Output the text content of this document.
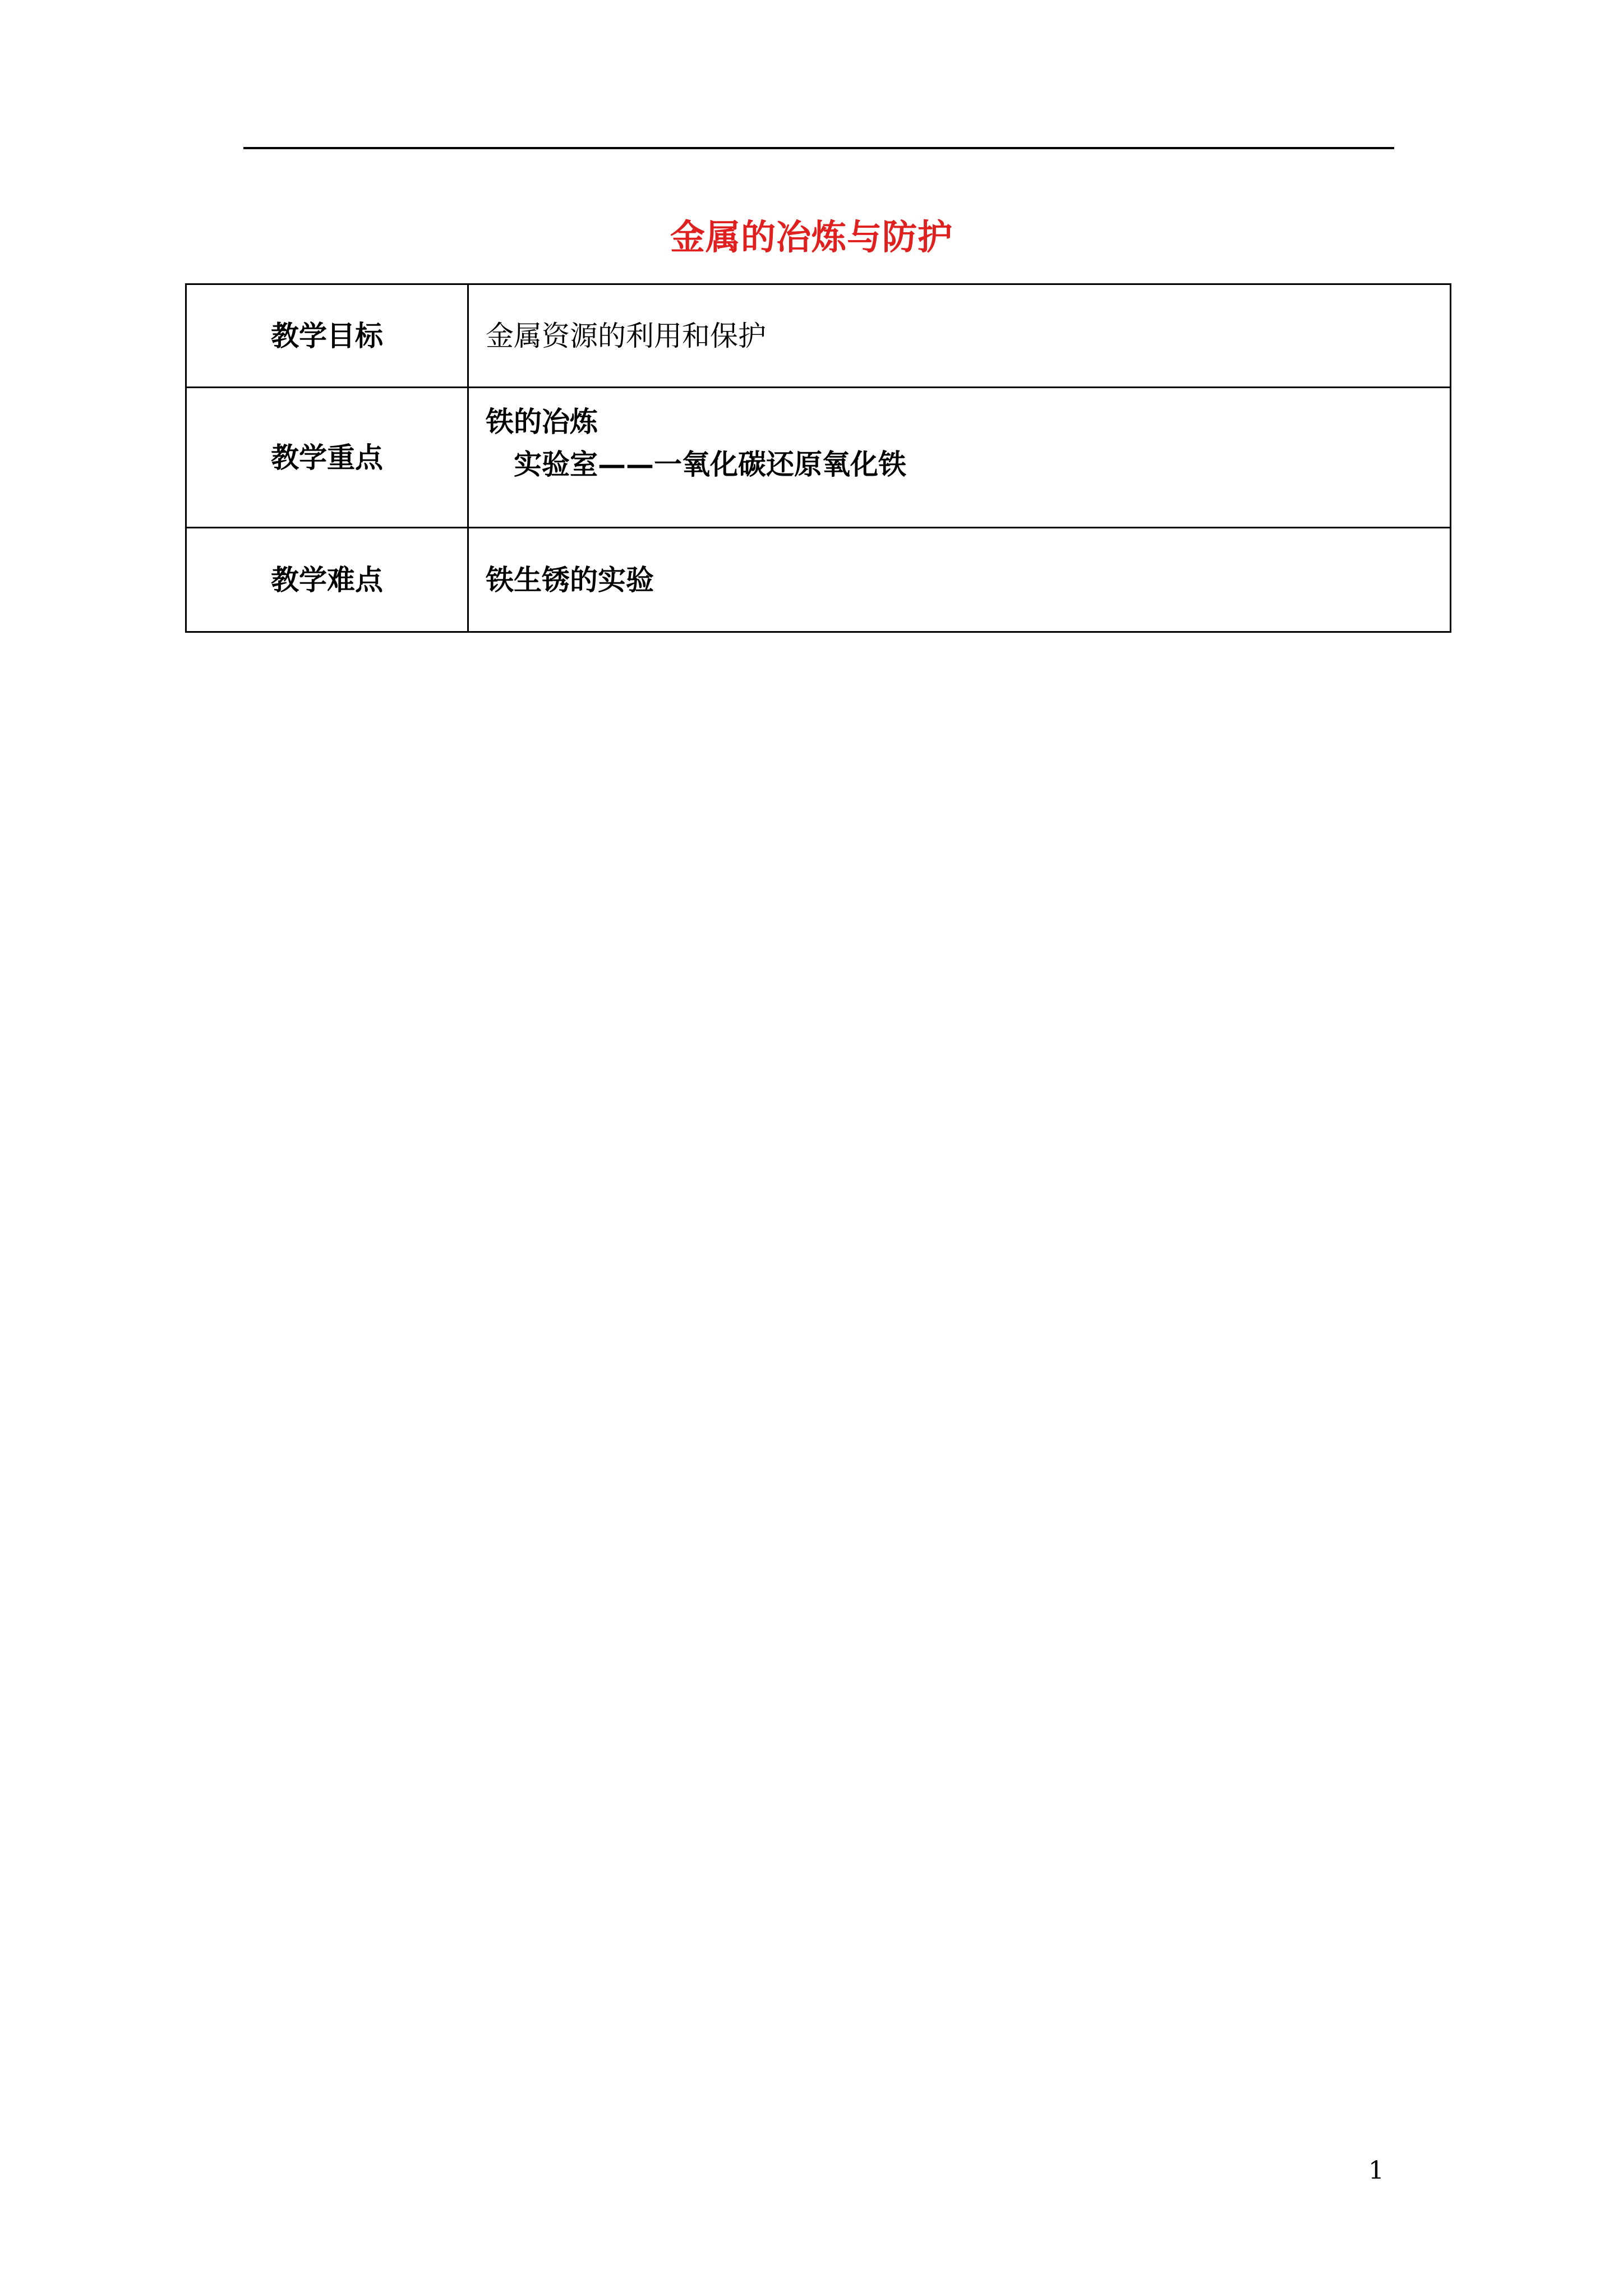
金属的冶炼与防护
教学目标	金属资源的利用和保护
教学重点	铁的冶炼
实验室——一氧化碳还原氧化铁

教学难点	铁生锈的实验
1
